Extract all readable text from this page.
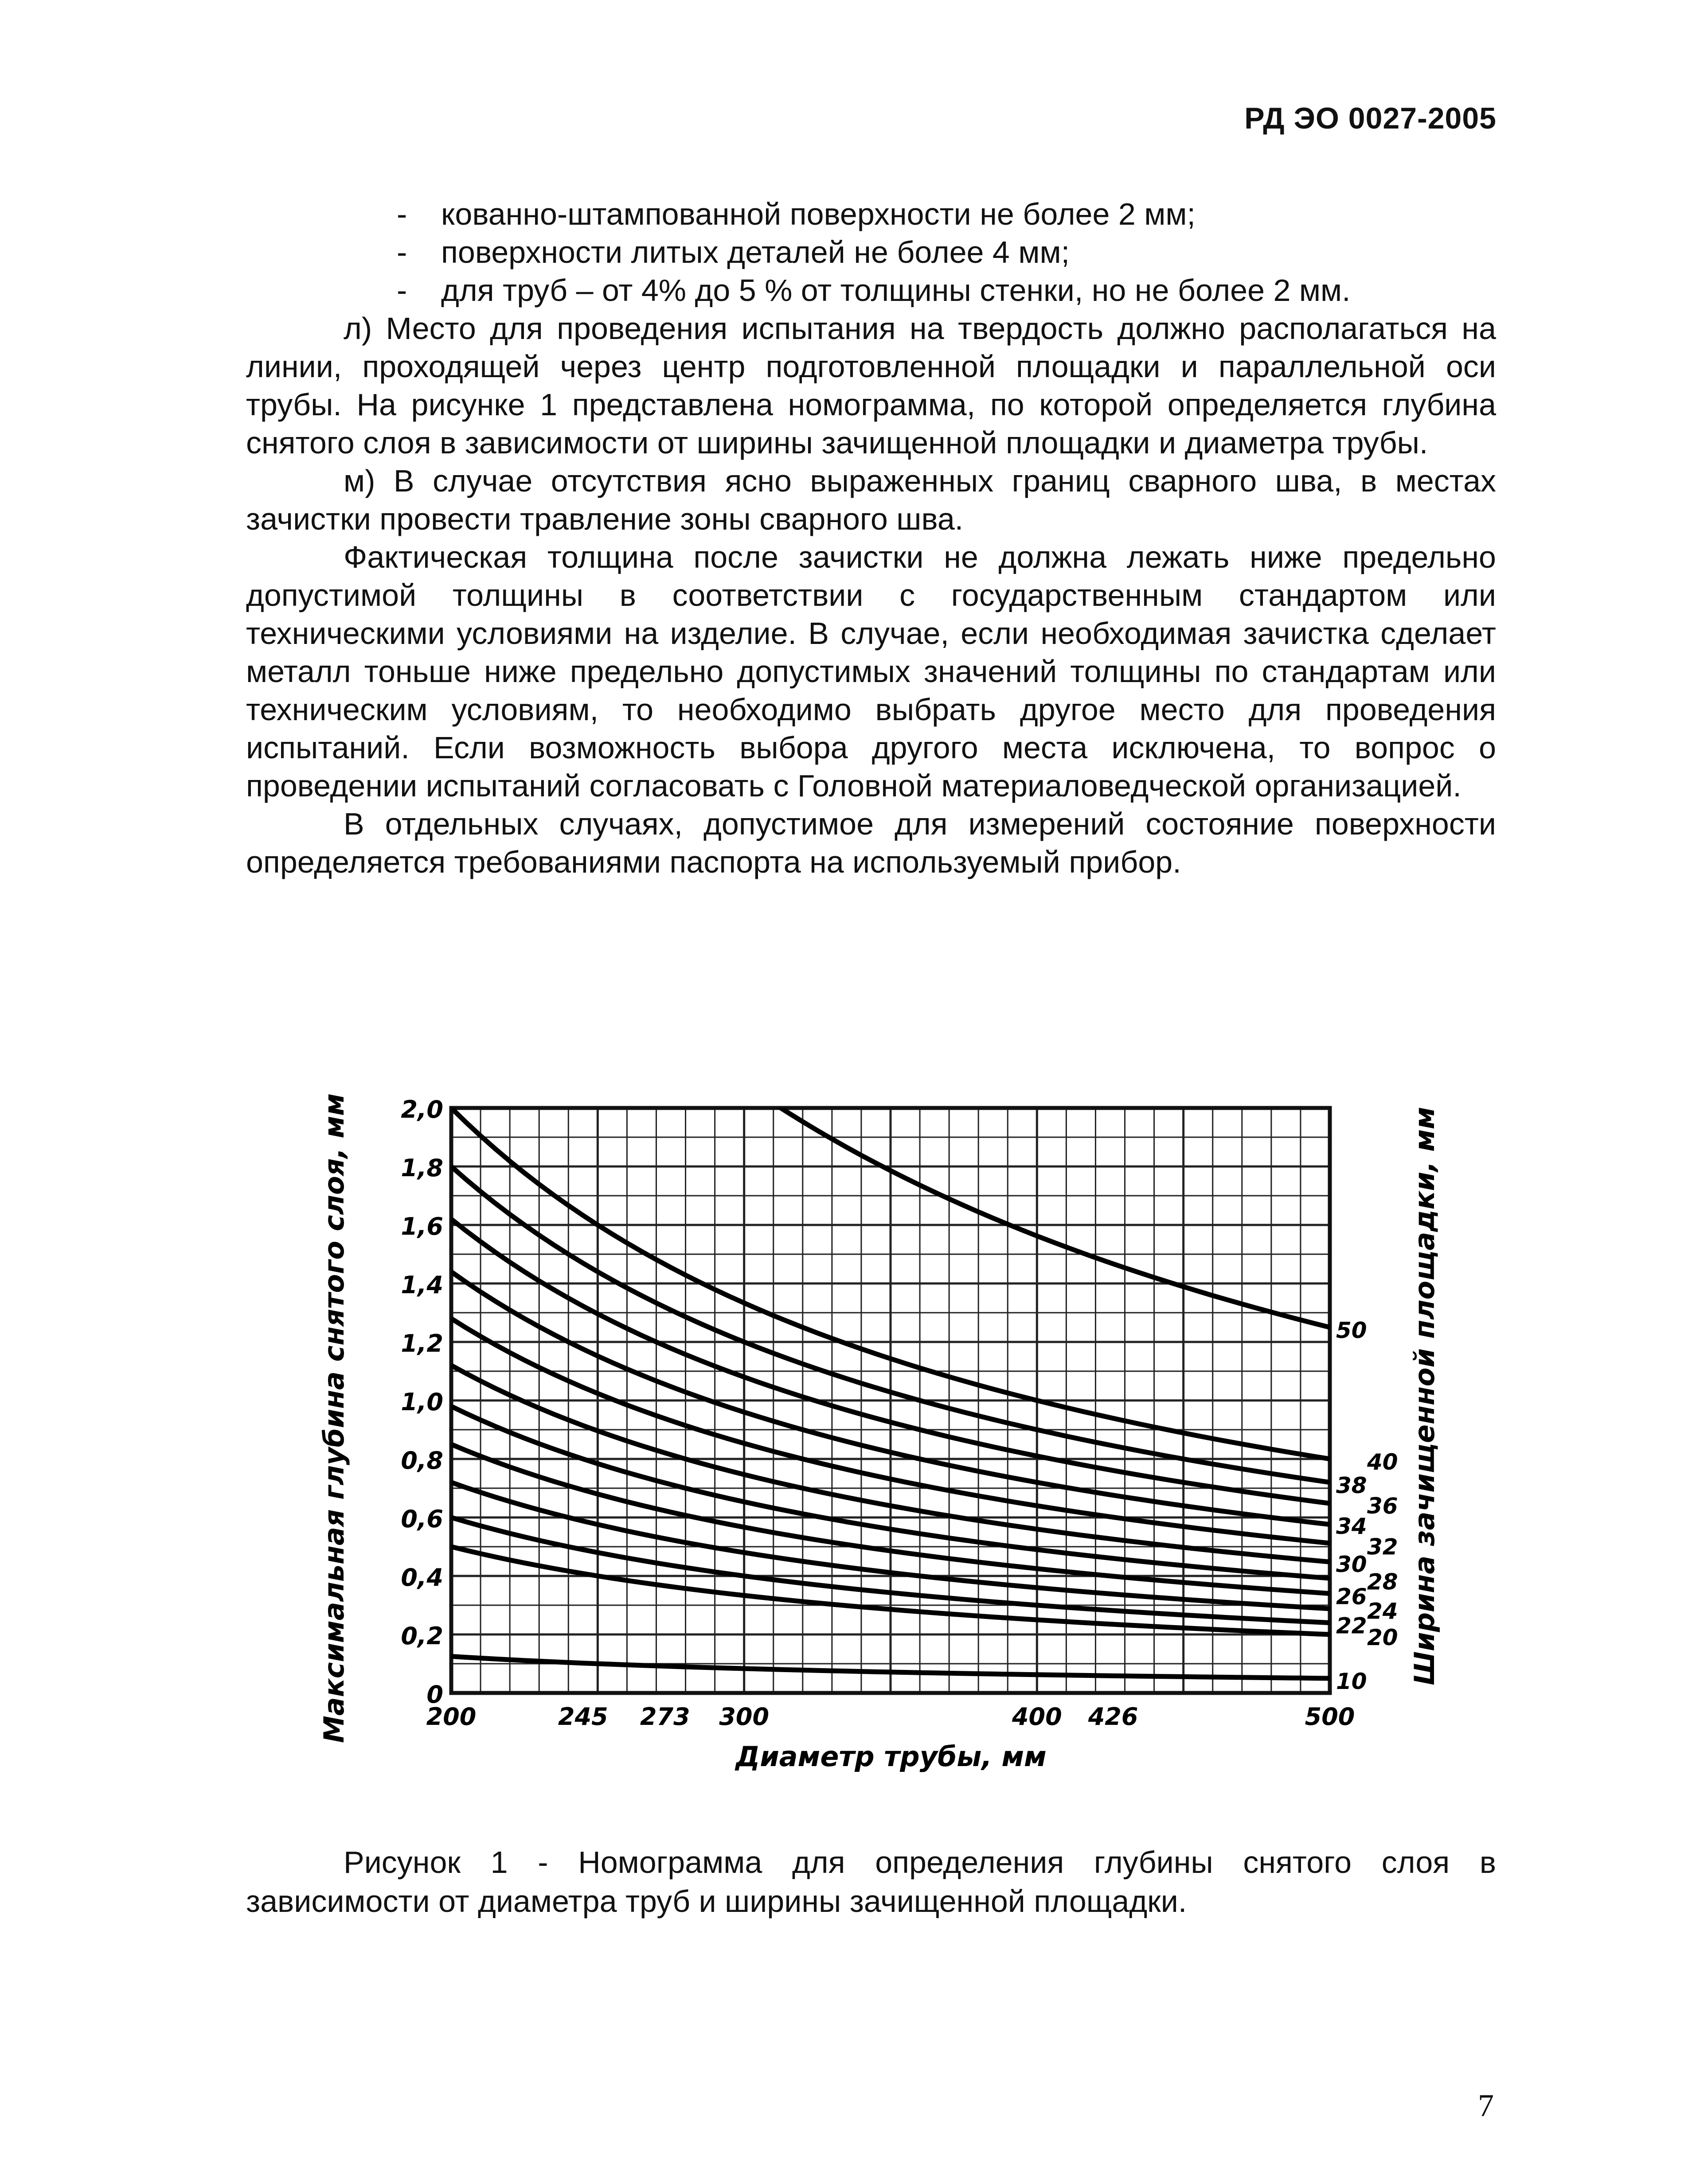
РД ЭО 0027-2005

- кованно-штампованной поверхности не более 2 мм;

- поверхности литых деталей не более 4 мм;

- для труб – от 4% до 5 % от толщины стенки, но не более 2 мм.

л) Место для проведения испытания на твердость должно располагаться на линии, проходящей через центр подготовленной площадки и параллельной оси трубы. На рисунке 1 представлена номограмма, по которой определяется глубина снятого слоя в зависимости от ширины зачищенной площадки и диаметра трубы.

м) В случае отсутствия ясно выраженных границ сварного шва, в местах зачистки провести травление зоны сварного шва.

Фактическая толщина после зачистки не должна лежать ниже предельно допустимой толщины в соответствии с государственным стандартом или техническими условиями на изделие. В случае, если необходимая зачистка сделает металл тоньше ниже предельно допустимых значений толщины по стандартам или техническим условиям, то необходимо выбрать другое место для проведения испытаний. Если возможность выбора другого места исключена, то вопрос о проведении испытаний согласовать с Головной материаловедческой организацией.

В отдельных случаях, допустимое для измерений состояние поверхности определяется требованиями паспорта на используемый прибор.

0
0,2
0,4
0,6
0,8
1,0
1,2
1,4
1,6
1,8
2,0
200	245 273 300	400 426	500
10
20
22
24
26
28
30
32
34
36
38
40
50
Максимальная глубина снятого слоя, мм	Ширина зачищенной площадки, мм
Диаметр трубы, мм

Рисунок 1 - Номограмма для определения глубины снятого слоя в зависимости от диаметра труб и ширины зачищенной площадки.

7
